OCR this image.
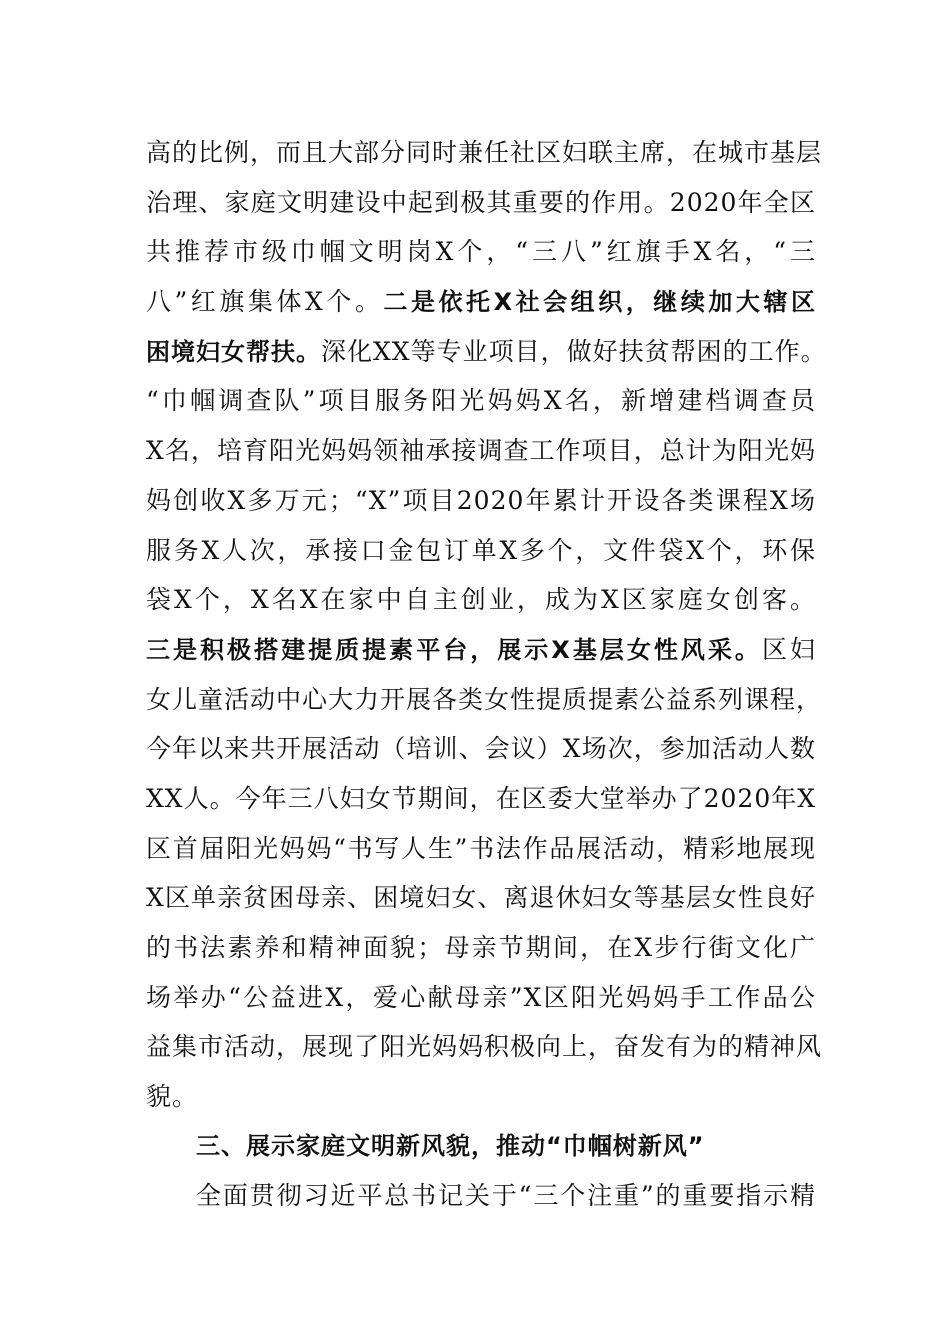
高的比例，而且大部分同时兼任社区妇联主席，在城市基层
治理、家庭文明建设中起到极其重要的作用。2020年全区
共推荐市级巾帼文明岗X个，“三八”红旗手X名，“三
八”红旗集体X个。二是依托X社会组织，继续加大辖区
困境妇女帮扶。深化XX等专业项目，做好扶贫帮困的工作。
“巾帼调查队”项目服务阳光妈妈X名，新增建档调查员
X名，培育阳光妈妈领袖承接调查工作项目，总计为阳光妈
妈创收X多万元；“X”项目2020年累计开设各类课程X场
服务X人次，承接口金包订单X多个，文件袋X个，环保
袋X个，X名X在家中自主创业，成为X区家庭女创客。
三是积极搭建提质提素平台，展示X基层女性风采。区妇
女儿童活动中心大力开展各类女性提质提素公益系列课程，
今年以来共开展活动（培训、会议）X场次，参加活动人数
XX人。今年三八妇女节期间，在区委大堂举办了2020年X
区首届阳光妈妈“书写人生”书法作品展活动，精彩地展现
X区单亲贫困母亲、困境妇女、离退休妇女等基层女性良好
的书法素养和精神面貌；母亲节期间，在X步行街文化广
场举办“公益进X，爱心献母亲”X区阳光妈妈手工作品公
益集市活动，展现了阳光妈妈积极向上，奋发有为的精神风
貌。
三、展示家庭文明新风貌，推动“巾帼树新风”
全面贯彻习近平总书记关于“三个注重”的重要指示精
